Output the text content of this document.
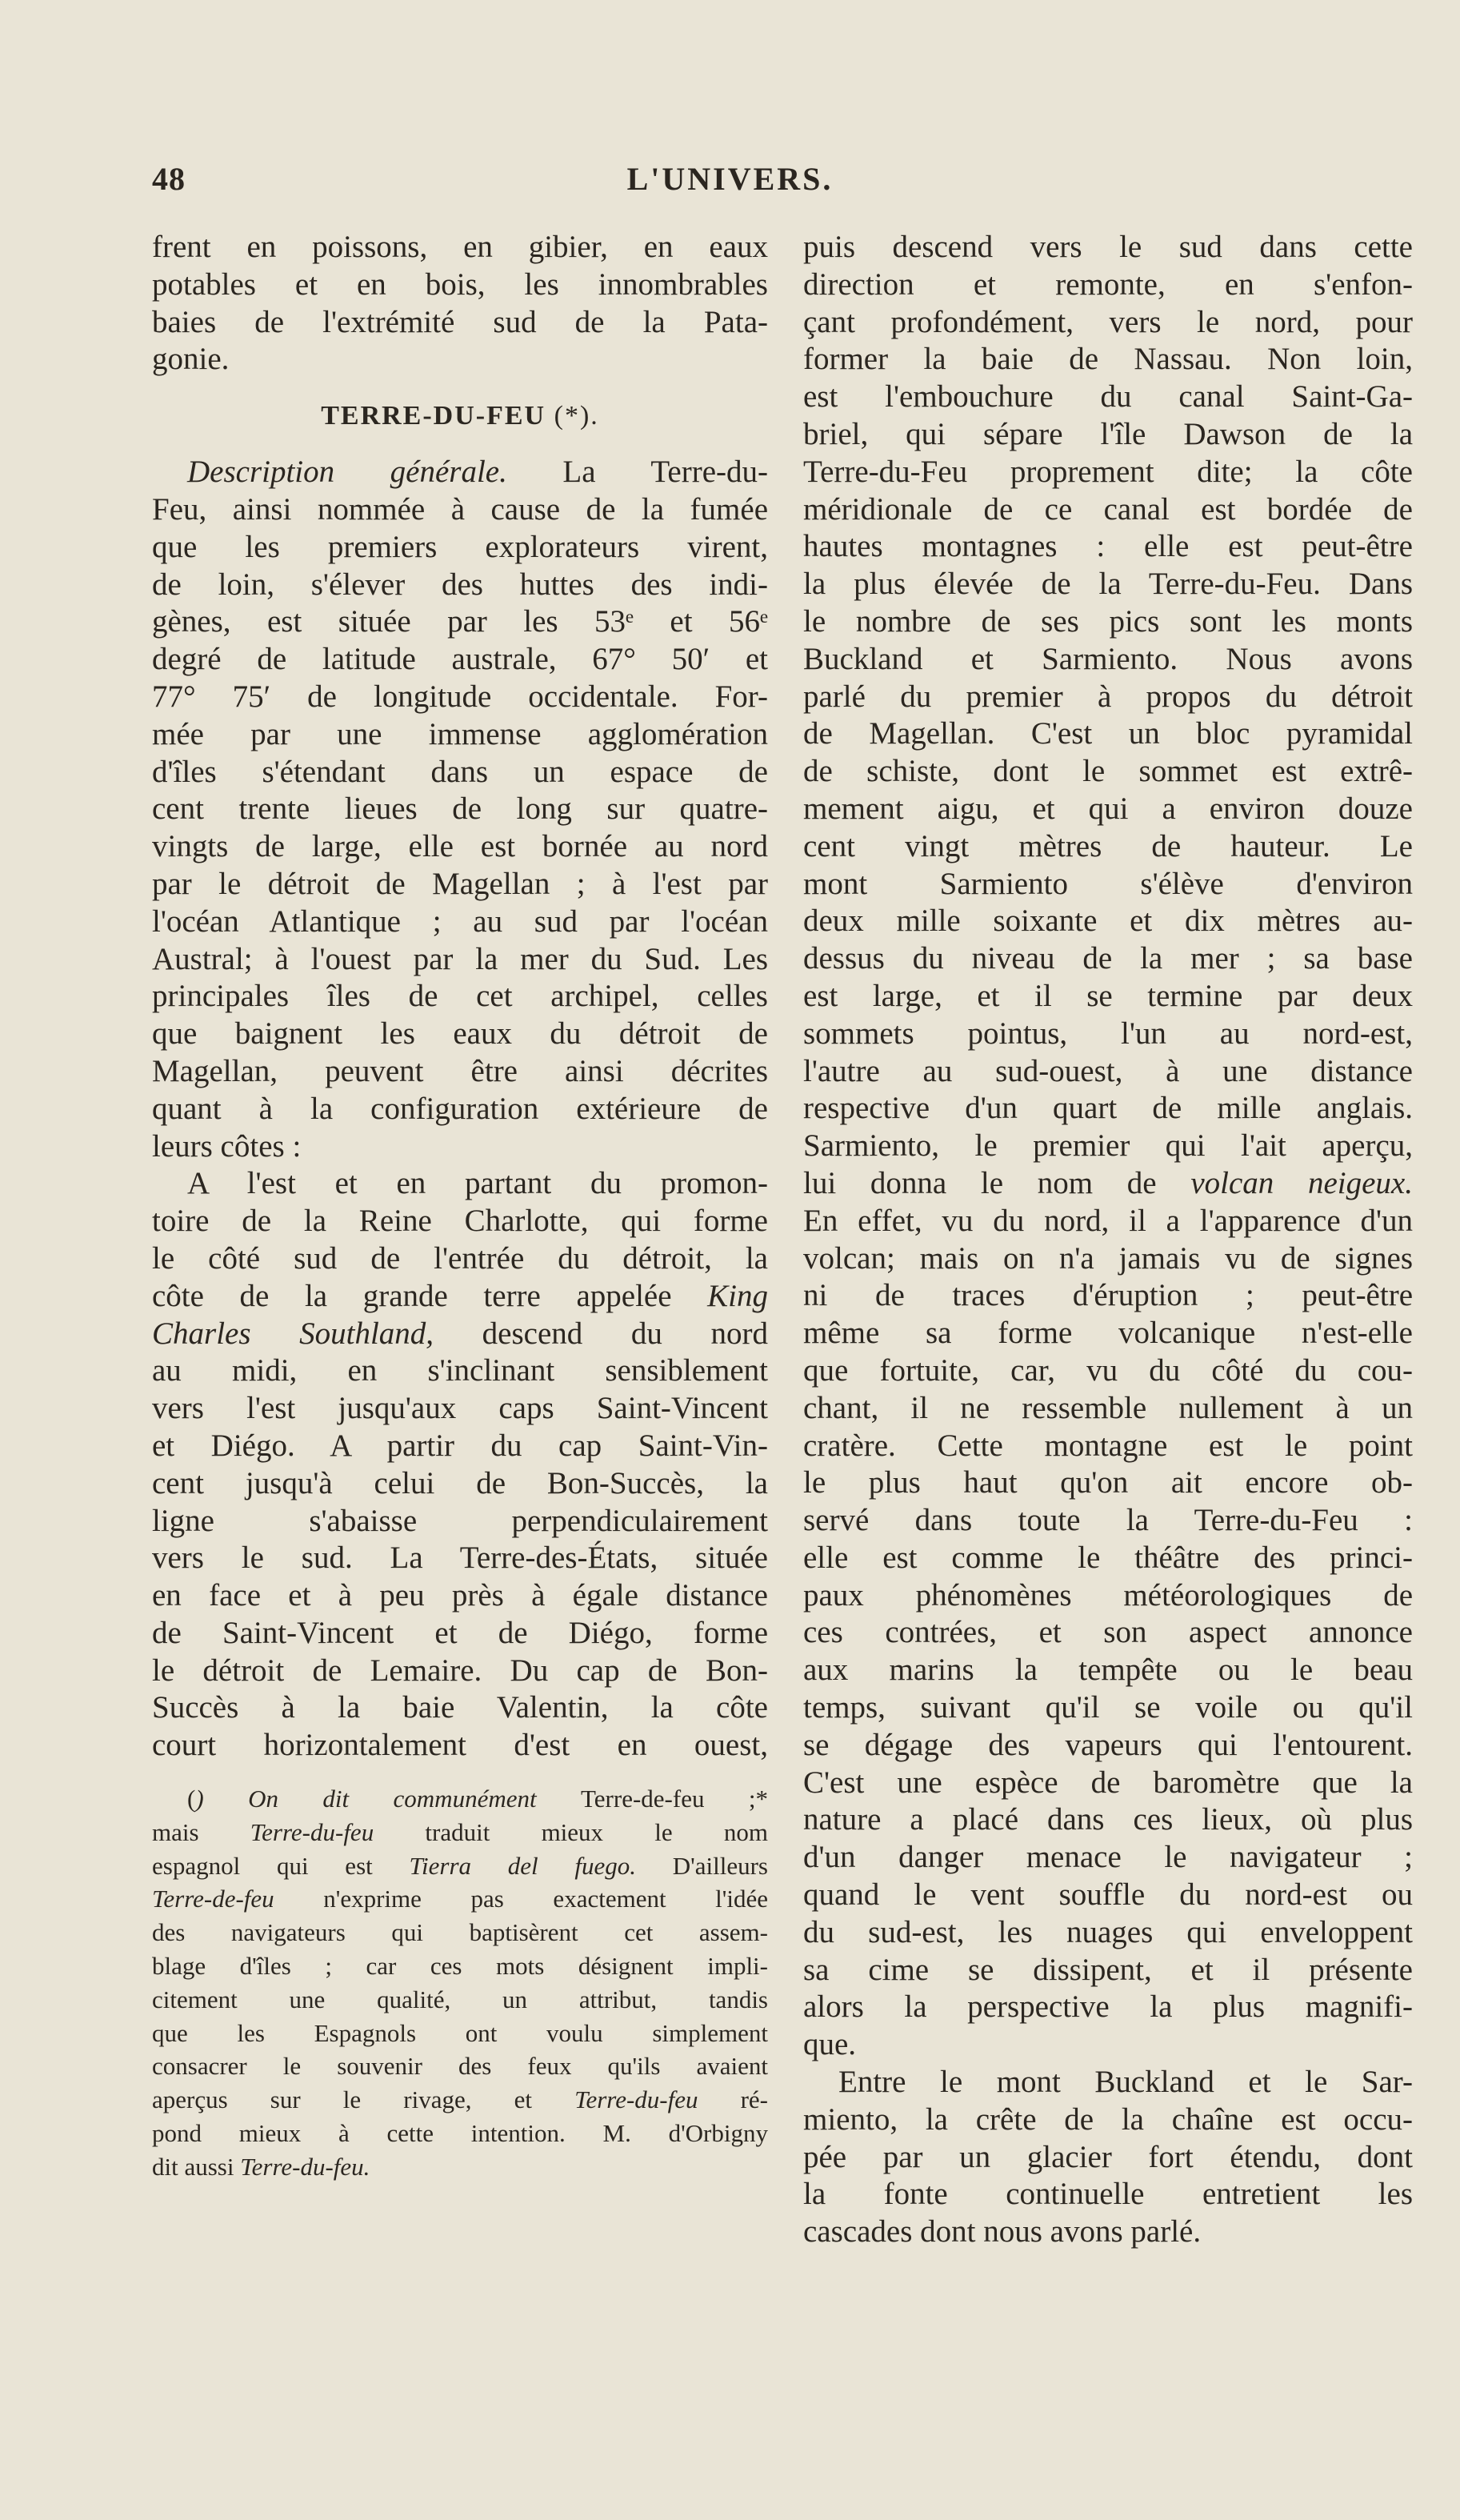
48	L'UNIVERS.
frent en poissons, en gibier, en eaux
potables et en bois, les innombrables
baies de l'extrémité sud de la Pata-
gonie.
TERRE-DU-FEU (*).
Description générale. La Terre-du-
Feu, ainsi nommée à cause de la fumée
que les premiers explorateurs virent,
de loin, s'élever des huttes des indi-
gènes, est située par les 53ᵉ et 56ᵉ
degré de latitude australe, 67° 50′ et
77° 75′ de longitude occidentale. For-
mée par une immense agglomération
d'îles s'étendant dans un espace de
cent trente lieues de long sur quatre-
vingts de large, elle est bornée au nord
par le détroit de Magellan ; à l'est par
l'océan Atlantique ; au sud par l'océan
Austral; à l'ouest par la mer du Sud. Les
principales îles de cet archipel, celles
que baignent les eaux du détroit de
Magellan, peuvent être ainsi décrites
quant à la configuration extérieure de
leurs côtes :
A l'est et en partant du promon-
toire de la Reine Charlotte, qui forme
le côté sud de l'entrée du détroit, la
côte de la grande terre appelée King
Charles Southland, descend du nord
au midi, en s'inclinant sensiblement
vers l'est jusqu'aux caps Saint-Vincent
et Diégo. A partir du cap Saint-Vin-
cent jusqu'à celui de Bon-Succès, la
ligne s'abaisse perpendiculairement
vers le sud. La Terre-des-États, située
en face et à peu près à égale distance
de Saint-Vincent et de Diégo, forme
le détroit de Lemaire. Du cap de Bon-
Succès à la baie Valentin, la côte
court horizontalement d'est en ouest,
() On dit communément Terre-de-feu ;*
mais Terre-du-feu traduit mieux le nom
espagnol qui est Tierra del fuego. D'ailleurs
Terre-de-feu n'exprime pas exactement l'idée
des navigateurs qui baptisèrent cet assem-
blage d'îles ; car ces mots désignent impli-
citement une qualité, un attribut, tandis
que les Espagnols ont voulu simplement
consacrer le souvenir des feux qu'ils avaient
aperçus sur le rivage, et Terre-du-feu ré-
pond mieux à cette intention. M. d'Orbigny
dit aussi Terre-du-feu.
puis descend vers le sud dans cette
direction et remonte, en s'enfon-
çant profondément, vers le nord, pour
former la baie de Nassau. Non loin,
est l'embouchure du canal Saint-Ga-
briel, qui sépare l'île Dawson de la
Terre-du-Feu proprement dite; la côte
méridionale de ce canal est bordée de
hautes montagnes : elle est peut-être
la plus élevée de la Terre-du-Feu. Dans
le nombre de ses pics sont les monts
Buckland et Sarmiento. Nous avons
parlé du premier à propos du détroit
de Magellan. C'est un bloc pyramidal
de schiste, dont le sommet est extrê-
mement aigu, et qui a environ douze
cent vingt mètres de hauteur. Le
mont Sarmiento s'élève d'environ
deux mille soixante et dix mètres au-
dessus du niveau de la mer ; sa base
est large, et il se termine par deux
sommets pointus, l'un au nord-est,
l'autre au sud-ouest, à une distance
respective d'un quart de mille anglais.
Sarmiento, le premier qui l'ait aperçu,
lui donna le nom de volcan neigeux.
En effet, vu du nord, il a l'apparence d'un
volcan; mais on n'a jamais vu de signes
ni de traces d'éruption ; peut-être
même sa forme volcanique n'est-elle
que fortuite, car, vu du côté du cou-
chant, il ne ressemble nullement à un
cratère. Cette montagne est le point
le plus haut qu'on ait encore ob-
servé dans toute la Terre-du-Feu :
elle est comme le théâtre des princi-
paux phénomènes météorologiques de
ces contrées, et son aspect annonce
aux marins la tempête ou le beau
temps, suivant qu'il se voile ou qu'il
se dégage des vapeurs qui l'entourent.
C'est une espèce de baromètre que la
nature a placé dans ces lieux, où plus
d'un danger menace le navigateur ;
quand le vent souffle du nord-est ou
du sud-est, les nuages qui enveloppent
sa cime se dissipent, et il présente
alors la perspective la plus magnifi-
que.
Entre le mont Buckland et le Sar-
miento, la crête de la chaîne est occu-
pée par un glacier fort étendu, dont
la fonte continuelle entretient les
cascades dont nous avons parlé.
